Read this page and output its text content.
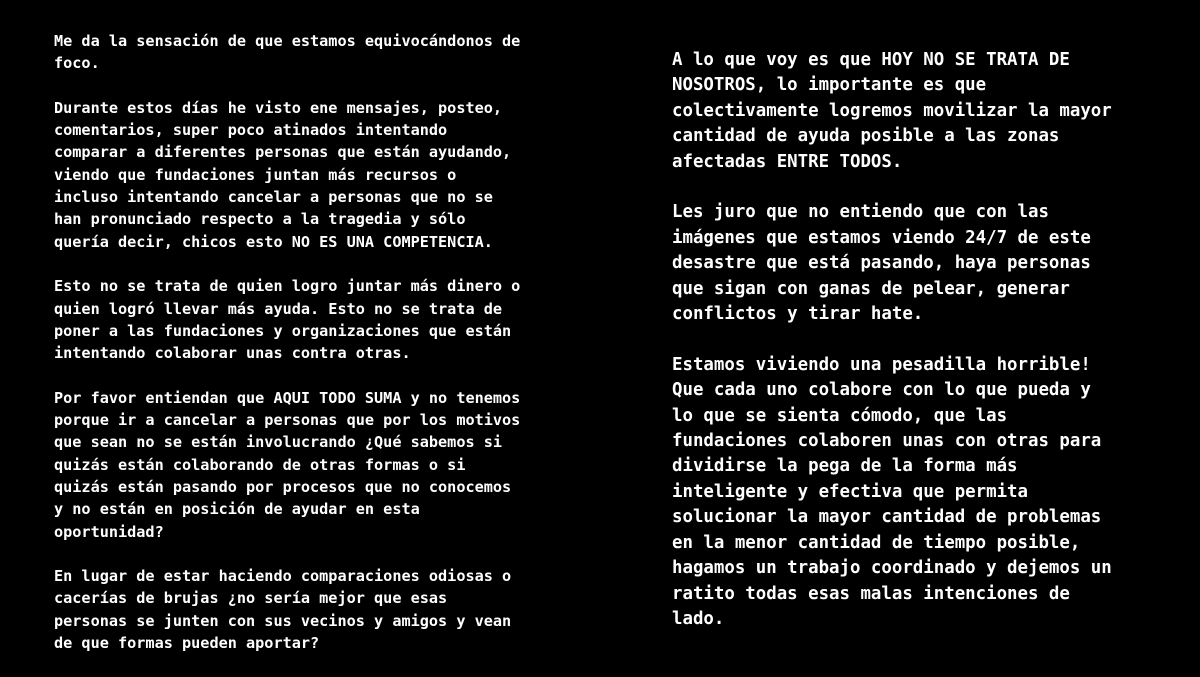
Me da la sensación de que estamos equivocándonos de
foco.

Durante estos días he visto ene mensajes, posteo,
comentarios, super poco atinados intentando
comparar a diferentes personas que están ayudando,
viendo que fundaciones juntan más recursos o
incluso intentando cancelar a personas que no se
han pronunciado respecto a la tragedia y sólo
quería decir, chicos esto NO ES UNA COMPETENCIA.

Esto no se trata de quien logro juntar más dinero o
quien logró llevar más ayuda. Esto no se trata de
poner a las fundaciones y organizaciones que están
intentando colaborar unas contra otras.

Por favor entiendan que AQUI TODO SUMA y no tenemos
porque ir a cancelar a personas que por los motivos
que sean no se están involucrando ¿Qué sabemos si
quizás están colaborando de otras formas o si
quizás están pasando por procesos que no conocemos
y no están en posición de ayudar en esta
oportunidad?

En lugar de estar haciendo comparaciones odiosas o
cacerías de brujas ¿no sería mejor que esas
personas se junten con sus vecinos y amigos y vean
de que formas pueden aportar?

A lo que voy es que HOY NO SE TRATA DE
NOSOTROS, lo importante es que
colectivamente logremos movilizar la mayor
cantidad de ayuda posible a las zonas
afectadas ENTRE TODOS.

Les juro que no entiendo que con las
imágenes que estamos viendo 24/7 de este
desastre que está pasando, haya personas
que sigan con ganas de pelear, generar
conflictos y tirar hate.

Estamos viviendo una pesadilla horrible!
Que cada uno colabore con lo que pueda y
lo que se sienta cómodo, que las
fundaciones colaboren unas con otras para
dividirse la pega de la forma más
inteligente y efectiva que permita
solucionar la mayor cantidad de problemas
en la menor cantidad de tiempo posible,
hagamos un trabajo coordinado y dejemos un
ratito todas esas malas intenciones de
lado.
